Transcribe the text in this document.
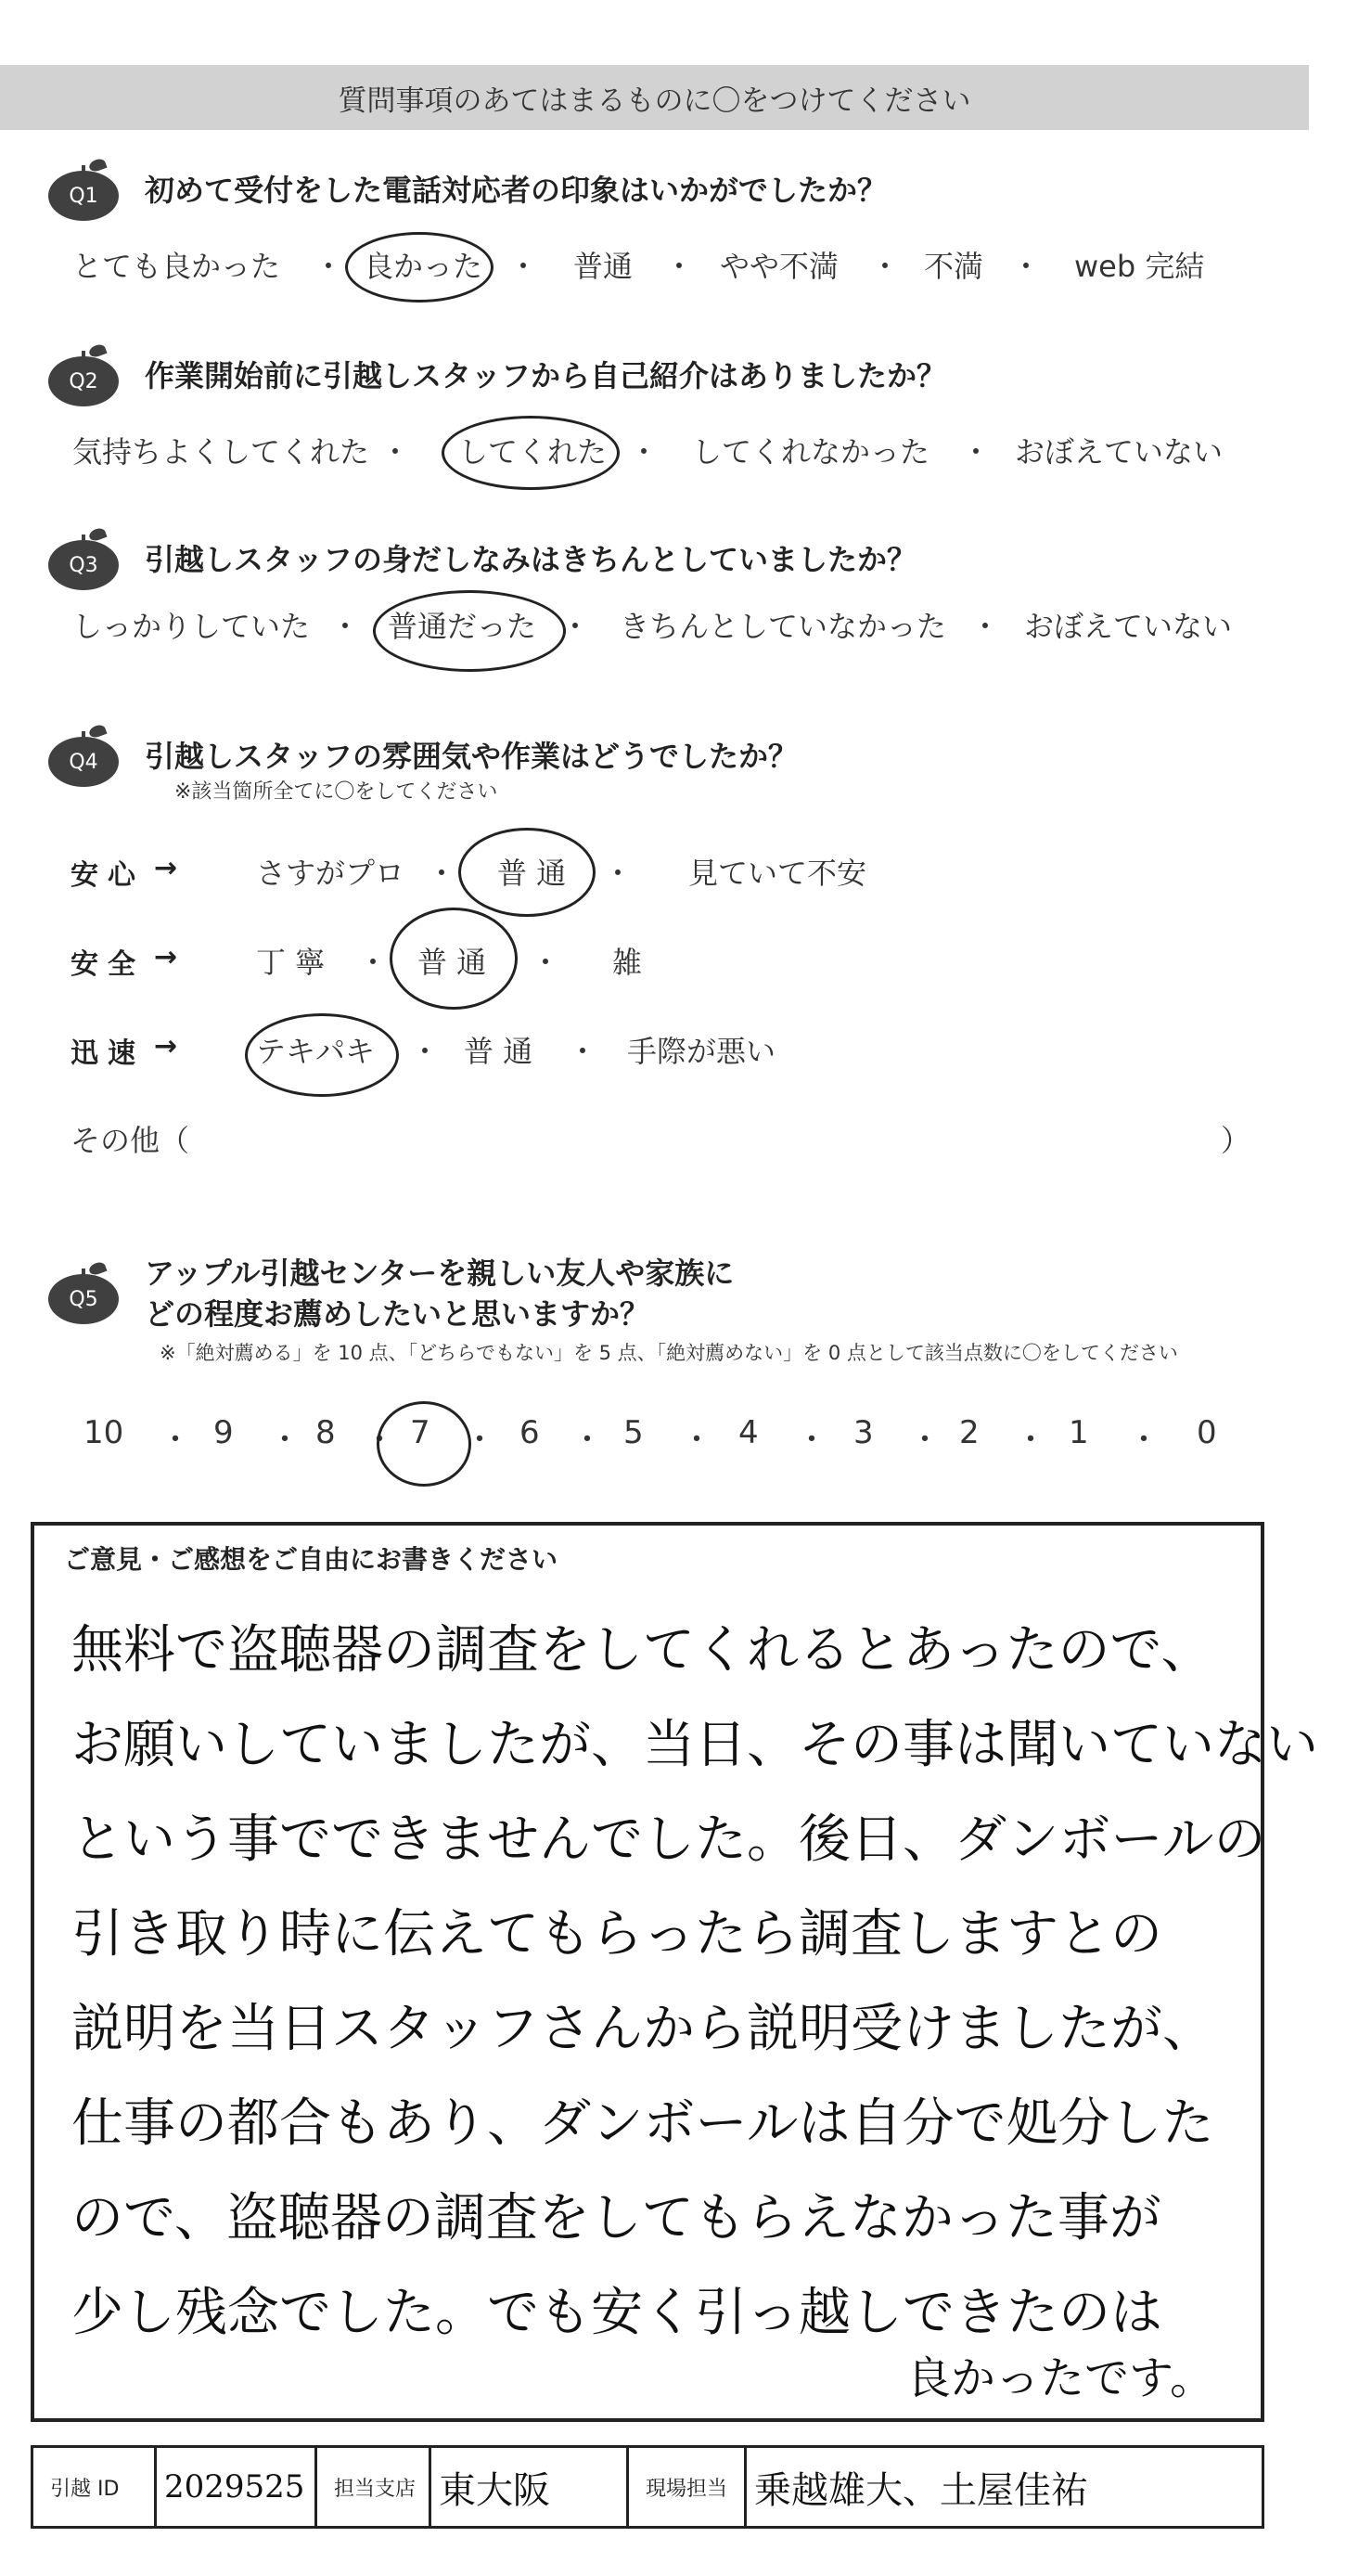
質問事項のあてはまるものに〇をつけてください
Q1	初めて受付をした電話対応者の印象はいかがでしたか？
とても良かった ・ 良かった ・ 普通 ・ やや不満 ・ 不満 ・ web 完結
Q2	作業開始前に引越しスタッフから自己紹介はありましたか？
気持ちよくしてくれた ・ してくれた ・ してくれなかった ・ おぼえていない
Q3	引越しスタッフの身だしなみはきちんとしていましたか？
しっかりしていた ・ 普通だった ・ きちんとしていなかった ・ おぼえていない
Q4	引越しスタッフの雰囲気や作業はどうでしたか？
※該当箇所全てに〇をしてください
安心 →	さすがプロ ・ 普 通 ・ 見ていて不安
安全 →	丁 寧 ・ 普 通 ・ 雑
迅速 →	テキパキ ・ 普 通 ・ 手際が悪い
その他（	）
Q5
アップル引越センターを親しい友人や家族に
どの程度お薦めしたいと思いますか？
※「絶対薦める」を 10 点、「どちらでもない」を 5 点、「絶対薦めない」を 0 点として該当点数に〇をしてください
10 ・ 9 ・ 8 ・ 7 ・ 6 ・ 5 ・ 4 ・ 3 ・ 2 ・ 1 ・ 0
ご意見・ご感想をご自由にお書きください
無料で盗聴器の調査をしてくれるとあったので、
お願いしていましたが、当日、その事は聞いていない
という事でできませんでした。後日、ダンボールの
引き取り時に伝えてもらったら調査しますとの
説明を当日スタッフさんから説明受けましたが、
仕事の都合もあり、ダンボールは自分で処分した
ので、盗聴器の調査をしてもらえなかった事が
少し残念でした。でも安く引っ越しできたのは
良かったです。
引越 ID	2029525	担当支店 東大阪	現場担当 乗越雄大、土屋佳祐
